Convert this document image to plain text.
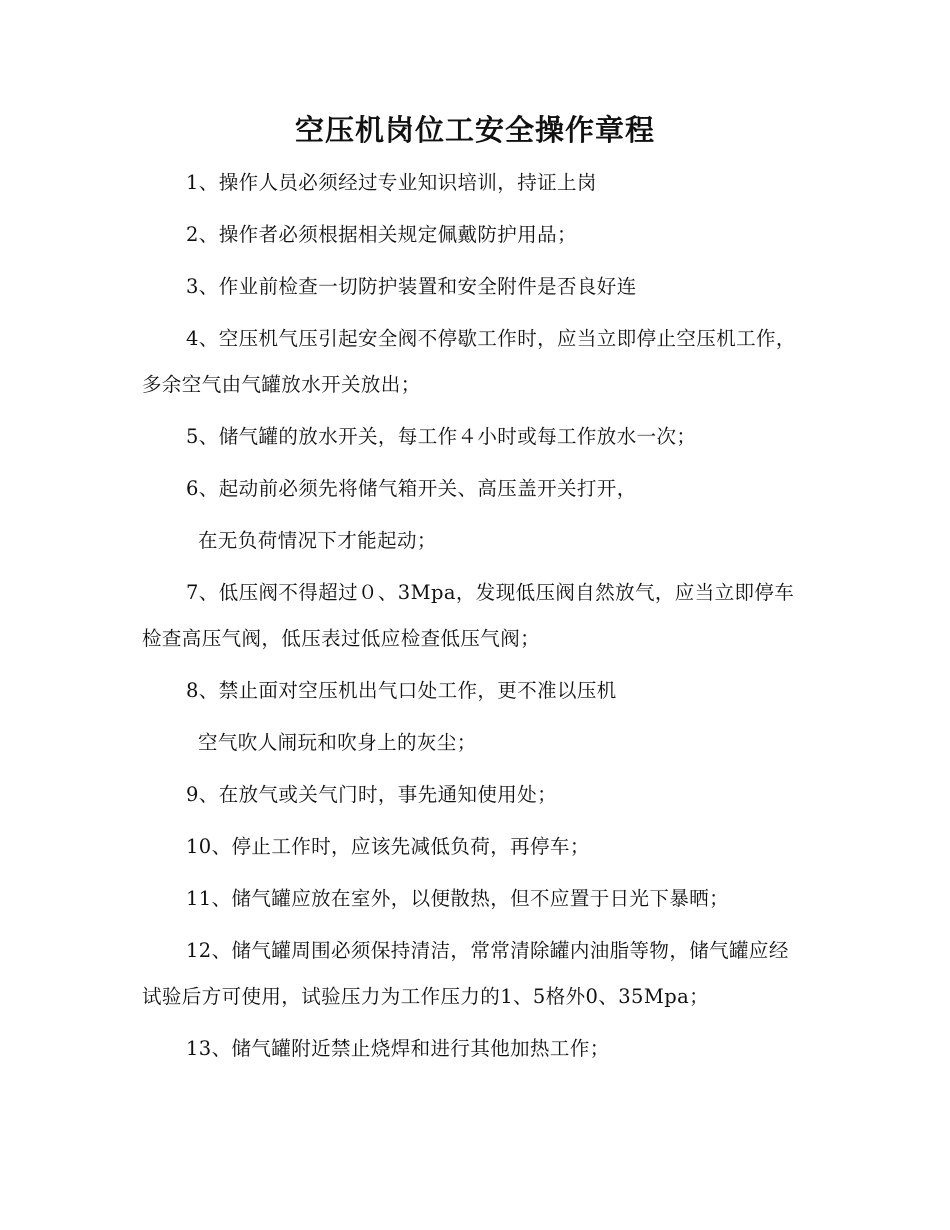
空压机岗位工安全操作章程

1、操作人员必须经过专业知识培训，持证上岗

2、操作者必须根据相关规定佩戴防护用品；

3、作业前检查一切防护装置和安全附件是否良好连

4、空压机气压引起安全阀不停歇工作时，应当立即停止空压机工作，多余空气由气罐放水开关放出；

5、储气罐的放水开关，每工作４小时或每工作放水一次；

6、起动前必须先将储气箱开关、高压盖开关打开，

在无负荷情况下才能起动；

7、低压阀不得超过０、3Mpa，发现低压阀自然放气，应当立即停车检查高压气阀，低压表过低应检查低压气阀；

8、禁止面对空压机出气口处工作，更不准以压机

空气吹人闹玩和吹身上的灰尘；

9、在放气或关气门时，事先通知使用处；

10、停止工作时，应该先减低负荷，再停车；

11、储气罐应放在室外，以便散热，但不应置于日光下暴晒；

12、储气罐周围必须保持清洁，常常清除罐内油脂等物，储气罐应经试验后方可使用，试验压力为工作压力的1、5格外0、35Mpa；

13、储气罐附近禁止烧焊和进行其他加热工作；
